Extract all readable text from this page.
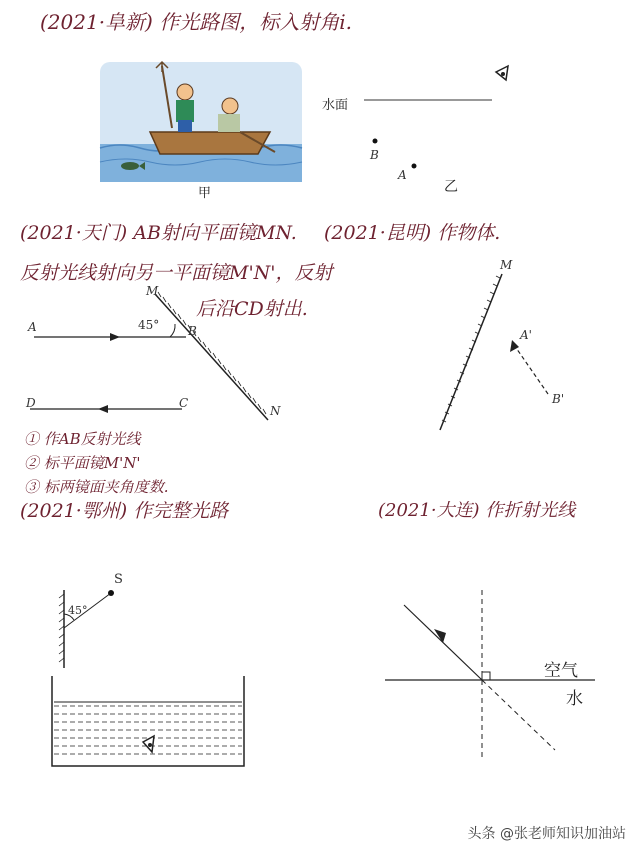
(2021·阜新) 作光路图，标入射角i.
甲
水面
B
A
乙
(2021·天门) AB射向平面镜MN.
反射光线射向另一平面镜M'N'，反射
后沿CD射出.
M
A	45° B
D	C
N
① 作AB反射光线
② 标平面镜M'N'
③ 标两镜面夹角度数.
(2021·昆明) 作物体.
M
A'
B'
(2021·鄂州) 作完整光路
S
45°
(2021·大连) 作折射光线
空气
水
头条 @张老师知识加油站
